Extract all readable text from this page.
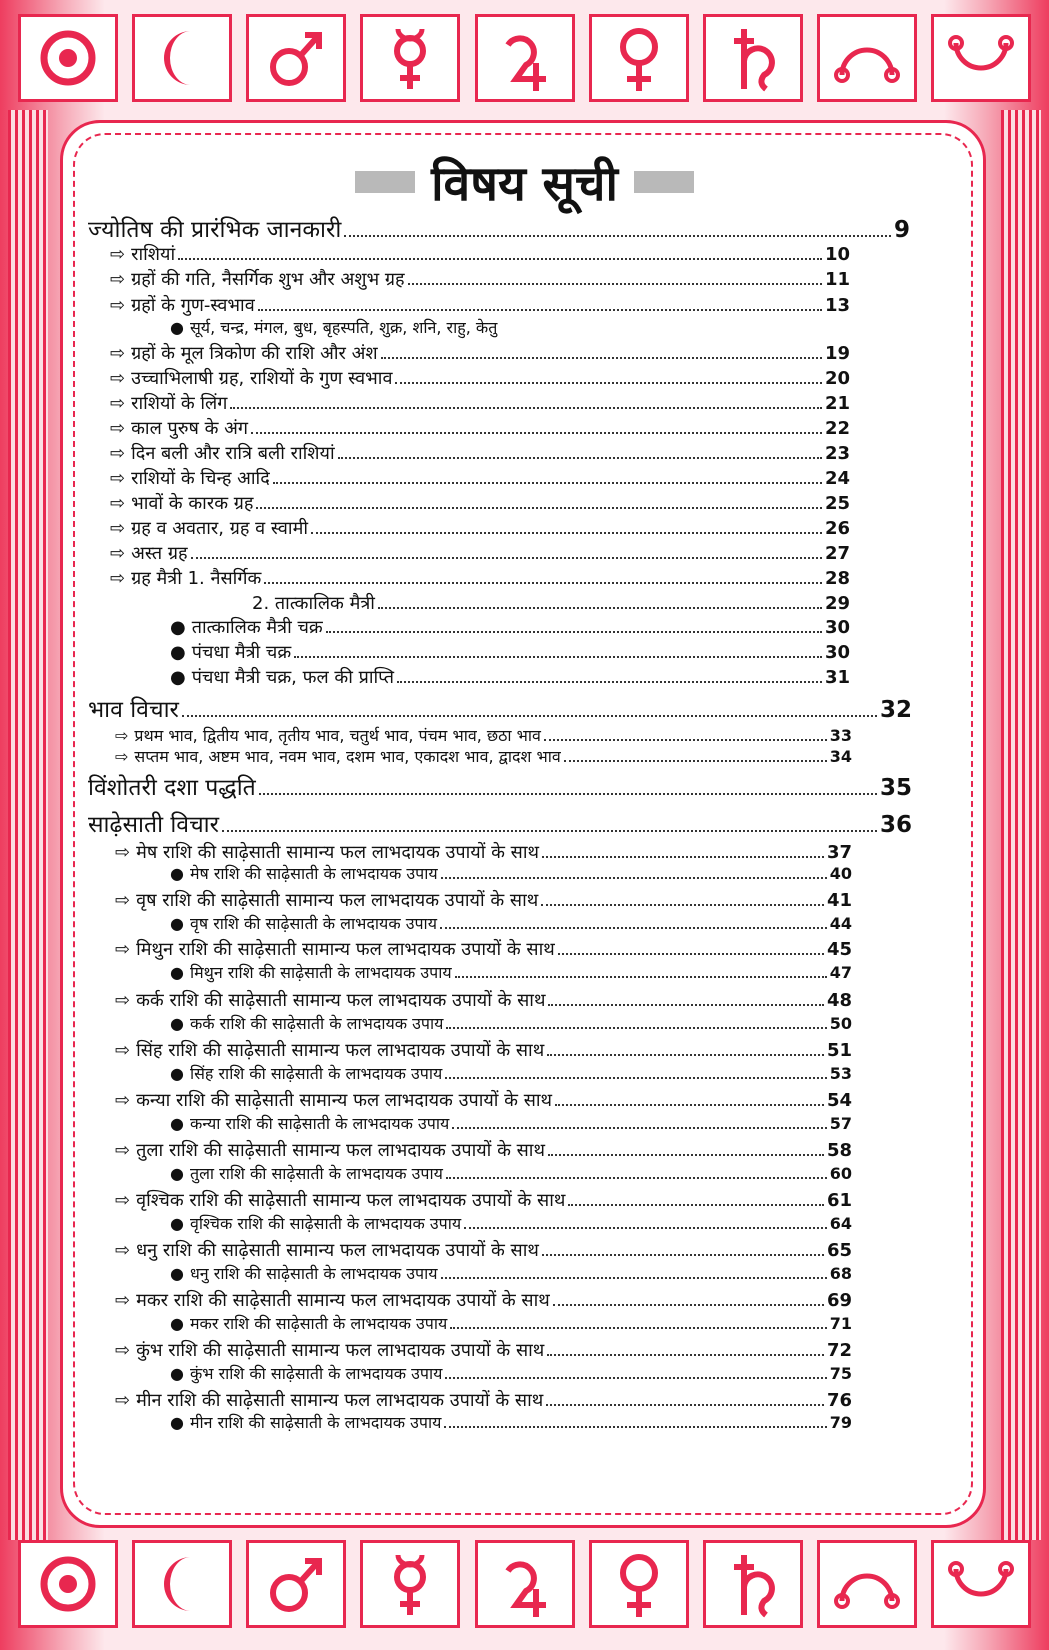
विषय सूची
ज्योतिष की प्रारंभिक जानकारी	9
⇨ राशियां	10
⇨ ग्रहों की गति, नैसर्गिक शुभ और अशुभ ग्रह	11
⇨ ग्रहों के गुण-स्वभाव	13
● सूर्य, चन्द्र, मंगल, बुध, बृहस्पति, शुक्र, शनि, राहु, केतु
⇨ ग्रहों के मूल त्रिकोण की राशि और अंश	19
⇨ उच्चाभिलाषी ग्रह, राशियों के गुण स्वभाव	20
⇨ राशियों के लिंग	21
⇨ काल पुरुष के अंग	22
⇨ दिन बली और रात्रि बली राशियां	23
⇨ राशियों के चिन्ह आदि	24
⇨ भावों के कारक ग्रह	25
⇨ ग्रह व अवतार, ग्रह व स्वामी	26
⇨ अस्त ग्रह	27
⇨ ग्रह मैत्री 1. नैसर्गिक	28
2. तात्कालिक मैत्री	29
● तात्कालिक मैत्री चक्र	30
● पंचधा मैत्री चक्र	30
● पंचधा मैत्री चक्र, फल की प्राप्ति	31
भाव विचार	32
⇨ प्रथम भाव, द्वितीय भाव, तृतीय भाव, चतुर्थ भाव, पंचम भाव, छठा भाव	33
⇨ सप्तम भाव, अष्टम भाव, नवम भाव, दशम भाव, एकादश भाव, द्वादश भाव	34
विंशोतरी दशा पद्धति	35
साढ़ेसाती विचार	36
⇨ मेष राशि की साढ़ेसाती सामान्य फल लाभदायक उपायों के साथ	37
● मेष राशि की साढ़ेसाती के लाभदायक उपाय	40
⇨ वृष राशि की साढ़ेसाती सामान्य फल लाभदायक उपायों के साथ	41
● वृष राशि की साढ़ेसाती के लाभदायक उपाय	44
⇨ मिथुन राशि की साढ़ेसाती सामान्य फल लाभदायक उपायों के साथ	45
● मिथुन राशि की साढ़ेसाती के लाभदायक उपाय	47
⇨ कर्क राशि की साढ़ेसाती सामान्य फल लाभदायक उपायों के साथ	48
● कर्क राशि की साढ़ेसाती के लाभदायक उपाय	50
⇨ सिंह राशि की साढ़ेसाती सामान्य फल लाभदायक उपायों के साथ	51
● सिंह राशि की साढ़ेसाती के लाभदायक उपाय	53
⇨ कन्या राशि की साढ़ेसाती सामान्य फल लाभदायक उपायों के साथ	54
● कन्या राशि की साढ़ेसाती के लाभदायक उपाय	57
⇨ तुला राशि की साढ़ेसाती सामान्य फल लाभदायक उपायों के साथ	58
● तुला राशि की साढ़ेसाती के लाभदायक उपाय	60
⇨ वृश्चिक राशि की साढ़ेसाती सामान्य फल लाभदायक उपायों के साथ	61
● वृश्चिक राशि की साढ़ेसाती के लाभदायक उपाय	64
⇨ धनु राशि की साढ़ेसाती सामान्य फल लाभदायक उपायों के साथ	65
● धनु राशि की साढ़ेसाती के लाभदायक उपाय	68
⇨ मकर राशि की साढ़ेसाती सामान्य फल लाभदायक उपायों के साथ	69
● मकर राशि की साढ़ेसाती के लाभदायक उपाय	71
⇨ कुंभ राशि की साढ़ेसाती सामान्य फल लाभदायक उपायों के साथ	72
● कुंभ राशि की साढ़ेसाती के लाभदायक उपाय	75
⇨ मीन राशि की साढ़ेसाती सामान्य फल लाभदायक उपायों के साथ	76
● मीन राशि की साढ़ेसाती के लाभदायक उपाय	79
